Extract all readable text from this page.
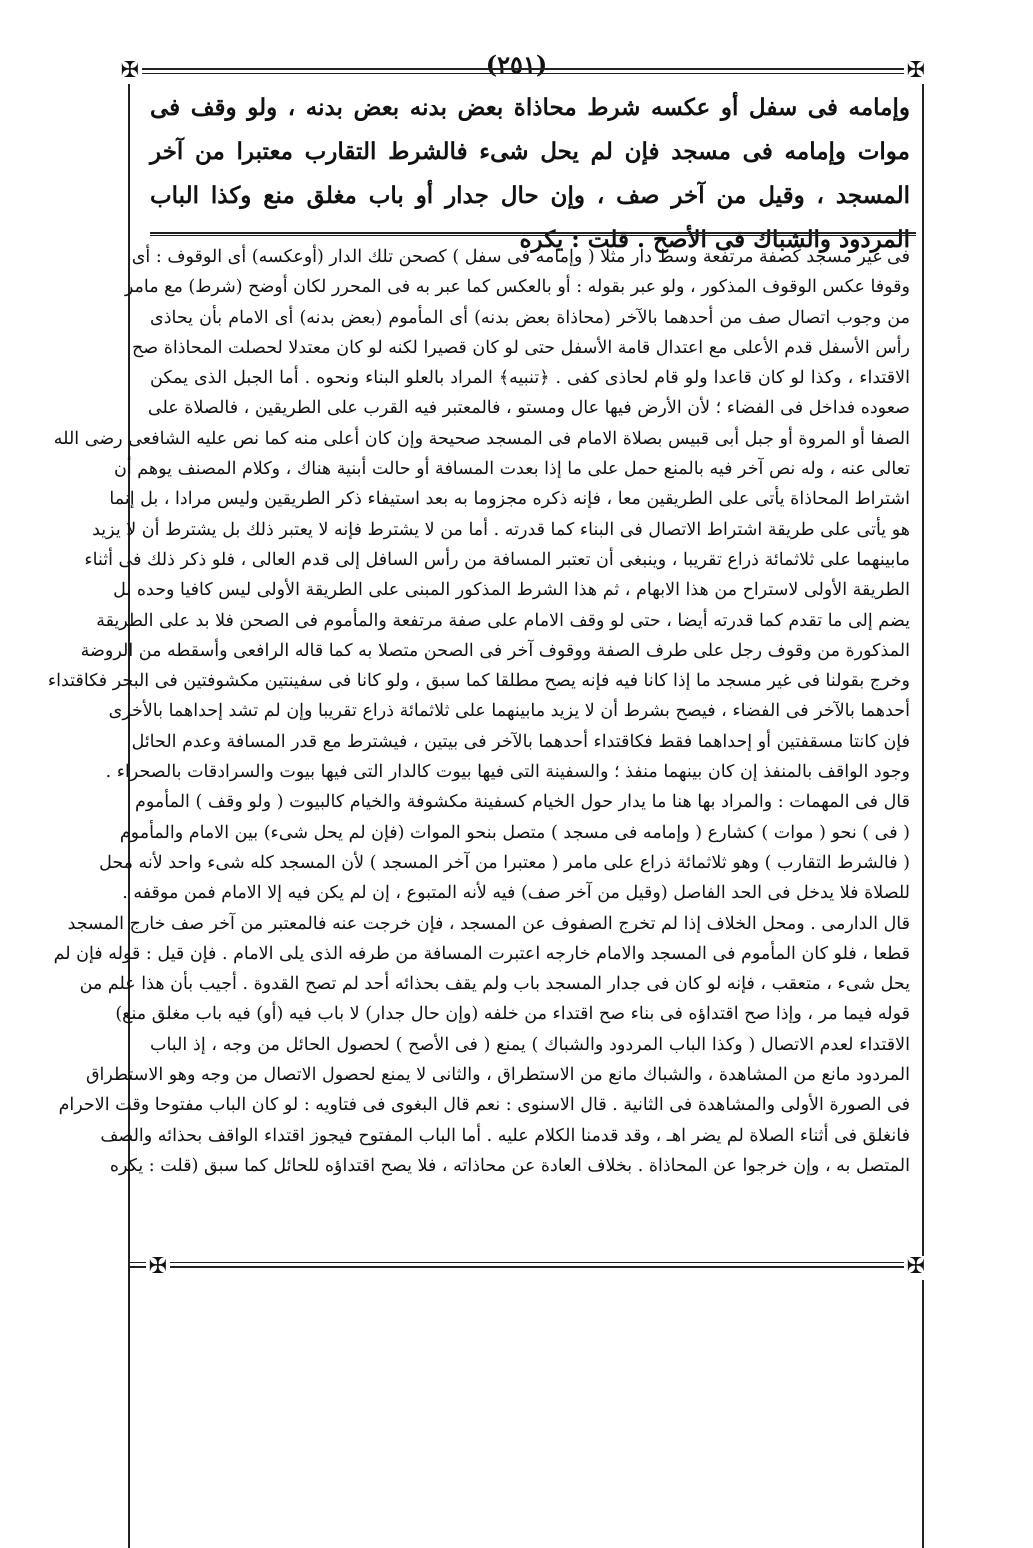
(٢٥١)
✠	✠
✠	✠
وإمامه فى سفل أو عكسه شرط محاذاة بعض بدنه بعض بدنه ، ولو وقف فى موات وإمامه فى مسجد فإن لم يحل شىء فالشرط التقارب معتبرا من آخر المسجد ، وقيل من آخر صف ، وإن حال جدار أو باب مغلق منع وكذا الباب المردود والشباك فى الأصح . قلت : يكره

فى غير مسجد كصفة مرتفعة وسط دار مثلا ( وإمامه فى سفل ) كصحن تلك الدار (أوعكسه) أى الوقوف : أى

وقوفا عكس الوقوف المذكور ، ولو عبر بقوله : أو بالعكس كما عبر به فى المحرر لكان أوضح (شرط) مع مامر

من وجوب اتصال صف من أحدهما بالآخر (محاذاة بعض بدنه) أى المأموم (بعض بدنه) أى الامام بأن يحاذى

رأس الأسفل قدم الأعلى مع اعتدال قامة الأسفل حتى لو كان قصيرا لكنه لو كان معتدلا لحصلت المحاذاة صح

الاقتداء ، وكذا لو كان قاعدا ولو قام لحاذى كفى . ﴿تنبيه﴾ المراد بالعلو البناء ونحوه . أما الجبل الذى يمكن

صعوده فداخل فى الفضاء ؛ لأن الأرض فيها عال ومستو ، فالمعتبر فيه القرب على الطريقين ، فالصلاة على

الصفا أو المروة أو جبل أبى قبيس بصلاة الامام فى المسجد صحيحة وإن كان أعلى منه كما نص عليه الشافعى رضى الله

تعالى عنه ، وله نص آخر فيه بالمنع حمل على ما إذا بعدت المسافة أو حالت أبنية هناك ، وكلام المصنف يوهم أن

اشتراط المحاذاة يأتى على الطريقين معا ، فإنه ذكره مجزوما به بعد استيفاء ذكر الطريقين وليس مرادا ، بل إنما

هو يأتى على طريقة اشتراط الاتصال فى البناء كما قدرته . أما من لا يشترط فإنه لا يعتبر ذلك بل يشترط أن لا يزيد

مابينهما على ثلاثمائة ذراع تقريبا ، وينبغى أن تعتبر المسافة من رأس السافل إلى قدم العالى ، فلو ذكر ذلك فى أثناء

الطريقة الأولى لاستراح من هذا الابهام ، ثم هذا الشرط المذكور المبنى على الطريقة الأولى ليس كافيا وحده بل

يضم إلى ما تقدم كما قدرته أيضا ، حتى لو وقف الامام على صفة مرتفعة والمأموم فى الصحن فلا بد على الطريقة

المذكورة من وقوف رجل على طرف الصفة ووقوف آخر فى الصحن متصلا به كما قاله الرافعى وأسقطه من الروضة

وخرج بقولنا فى غير مسجد ما إذا كانا فيه فإنه يصح مطلقا كما سبق ، ولو كانا فى سفينتين مكشوفتين فى البحر فكاقتداء

أحدهما بالآخر فى الفضاء ، فيصح بشرط أن لا يزيد مابينهما على ثلاثمائة ذراع تقريبا وإن لم تشد إحداهما بالأخرى

فإن كانتا مسقفتين أو إحداهما فقط فكاقتداء أحدهما بالآخر فى بيتين ، فيشترط مع قدر المسافة وعدم الحائل

وجود الواقف بالمنفذ إن كان بينهما منفذ ؛ والسفينة التى فيها بيوت كالدار التى فيها بيوت والسرادقات بالصحراء .

قال فى المهمات : والمراد بها هنا ما يدار حول الخيام كسفينة مكشوفة والخيام كالبيوت ( ولو وقف ) المأموم

( فى ) نحو ( موات ) كشارع ( وإمامه فى مسجد ) متصل بنحو الموات (فإن لم يحل شىء) بين الامام والمأموم

( فالشرط التقارب ) وهو ثلاثمائة ذراع على مامر ( معتبرا من آخر المسجد ) لأن المسجد كله شىء واحد لأنه محل

للصلاة فلا يدخل فى الحد الفاصل (وقيل من آخر صف) فيه لأنه المتبوع ، إن لم يكن فيه إلا الامام فمن موقفه .

قال الدارمى . ومحل الخلاف إذا لم تخرج الصفوف عن المسجد ، فإن خرجت عنه فالمعتبر من آخر صف خارج المسجد

قطعا ، فلو كان المأموم فى المسجد والامام خارجه اعتبرت المسافة من طرفه الذى يلى الامام . فإن قيل : قوله فإن لم

يحل شىء ، متعقب ، فإنه لو كان فى جدار المسجد باب ولم يقف بحذائه أحد لم تصح القدوة . أجيب بأن هذا علم من

قوله فيما مر ، وإذا صح اقتداؤه فى بناء صح اقتداء من خلفه (وإن حال جدار) لا باب فيه (أو) فيه باب مغلق منع)

الاقتداء لعدم الاتصال ( وكذا الباب المردود والشباك ) يمنع ( فى الأصح ) لحصول الحائل من وجه ، إذ الباب

المردود مانع من المشاهدة ، والشباك مانع من الاستطراق ، والثانى لا يمنع لحصول الاتصال من وجه وهو الاستطراق

فى الصورة الأولى والمشاهدة فى الثانية . قال الاسنوى : نعم قال البغوى فى فتاويه : لو كان الباب مفتوحا وقت الاحرام

فانغلق فى أثناء الصلاة لم يضر اهـ ، وقد قدمنا الكلام عليه . أما الباب المفتوح فيجوز اقتداء الواقف بحذائه والصف

المتصل به ، وإن خرجوا عن المحاذاة . بخلاف العادة عن محاذاته ، فلا يصح اقتداؤه للحائل كما سبق (قلت : يكره
